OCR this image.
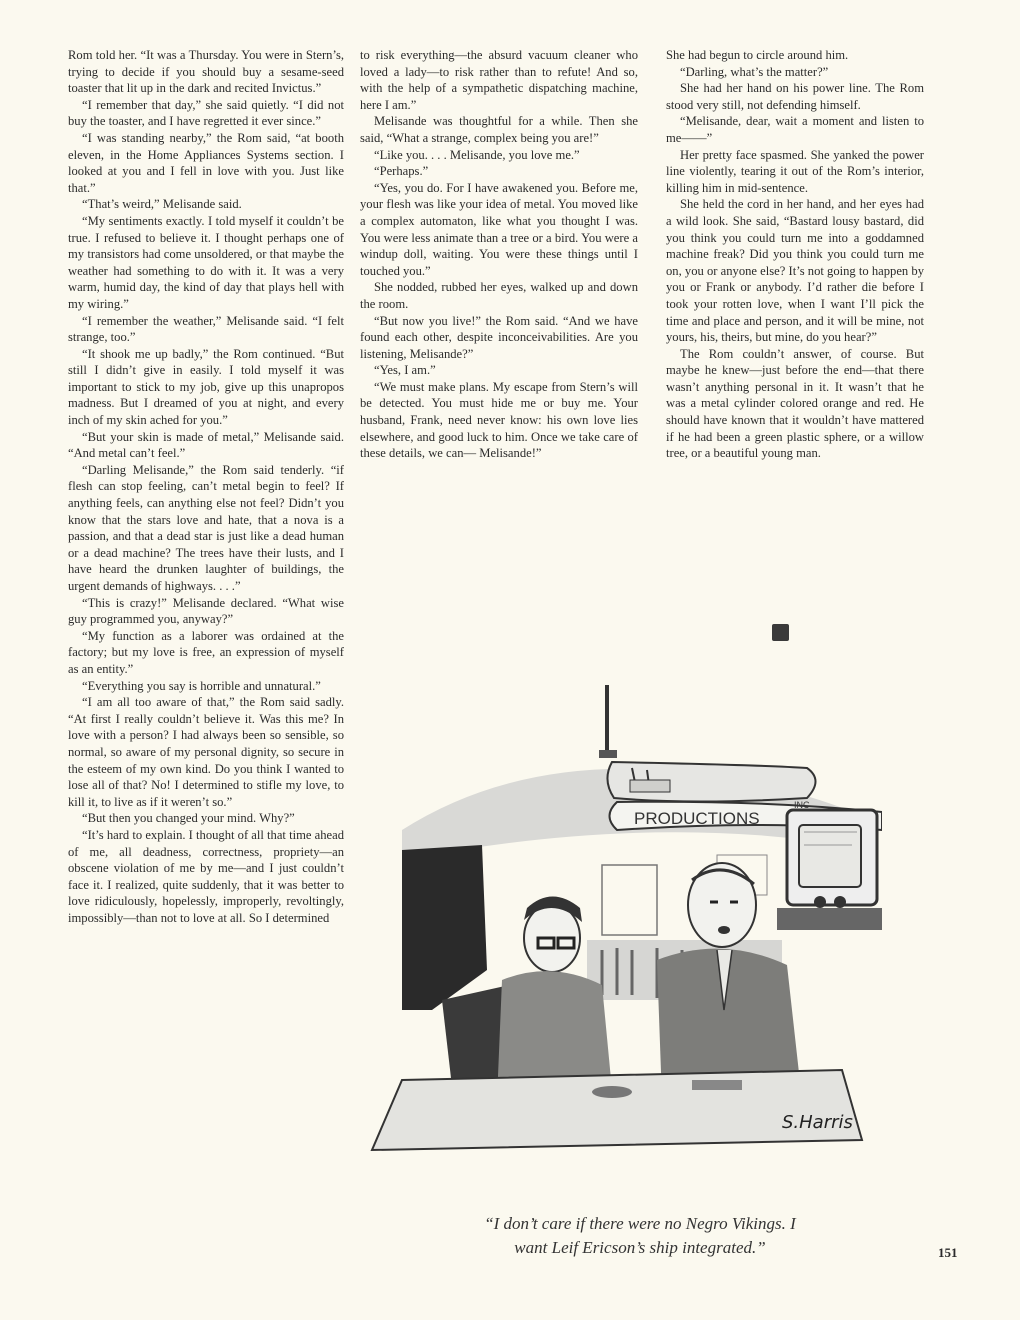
Rom told her. “It was a Thursday. You were in Stern’s, trying to decide if you should buy a sesame-seed toaster that lit up in the dark and recited Invictus.”

“I remember that day,” she said quietly. “I did not buy the toaster, and I have regretted it ever since.”

“I was standing nearby,” the Rom said, “at booth eleven, in the Home Appliances Systems section. I looked at you and I fell in love with you. Just like that.”

“That’s weird,” Melisande said.

“My sentiments exactly. I told myself it couldn’t be true. I refused to believe it. I thought perhaps one of my transistors had come unsoldered, or that maybe the weather had something to do with it. It was a very warm, humid day, the kind of day that plays hell with my wiring.”

“I remember the weather,” Melisande said. “I felt strange, too.”

“It shook me up badly,” the Rom continued. “But still I didn’t give in easily. I told myself it was important to stick to my job, give up this unapropos madness. But I dreamed of you at night, and every inch of my skin ached for you.”

“But your skin is made of metal,” Melisande said. “And metal can’t feel.”

“Darling Melisande,” the Rom said tenderly. “if flesh can stop feeling, can’t metal begin to feel? If anything feels, can anything else not feel? Didn’t you know that the stars love and hate, that a nova is a passion, and that a dead star is just like a dead human or a dead machine? The trees have their lusts, and I have heard the drunken laughter of buildings, the urgent demands of highways. . . .”

“This is crazy!” Melisande declared. “What wise guy programmed you, anyway?”

“My function as a laborer was ordained at the factory; but my love is free, an expression of myself as an entity.”

“Everything you say is horrible and unnatural.”

“I am all too aware of that,” the Rom said sadly. “At first I really couldn’t believe it. Was this me? In love with a person? I had always been so sensible, so normal, so aware of my personal dignity, so secure in the esteem of my own kind. Do you think I wanted to lose all of that? No! I determined to stifle my love, to kill it, to live as if it weren’t so.”

“But then you changed your mind. Why?”

“It’s hard to explain. I thought of all that time ahead of me, all deadness, correctness, propriety—an obscene violation of me by me—and I just couldn’t face it. I realized, quite suddenly, that it was better to love ridiculously, hopelessly, improperly, revoltingly, impossibly—than not to love at all. So I determined

to risk everything—the absurd vacuum cleaner who loved a lady—to risk rather than to refute! And so, with the help of a sympathetic dispatching machine, here I am.”

Melisande was thoughtful for a while. Then she said, “What a strange, complex being you are!”

“Like you. . . . Melisande, you love me.”

“Perhaps.”

“Yes, you do. For I have awakened you. Before me, your flesh was like your idea of metal. You moved like a complex automaton, like what you thought I was. You were less animate than a tree or a bird. You were a windup doll, waiting. You were these things until I touched you.”

She nodded, rubbed her eyes, walked up and down the room.

“But now you live!” the Rom said. “And we have found each other, despite inconceivabilities. Are you listening, Melisande?”

“Yes, I am.”

“We must make plans. My escape from Stern’s will be detected. You must hide me or buy me. Your husband, Frank, need never know: his own love lies elsewhere, and good luck to him. Once we take care of these details, we can— Melisande!”

She had begun to circle around him.

“Darling, what’s the matter?”

She had her hand on his power line. The Rom stood very still, not defending himself.

“Melisande, dear, wait a moment and listen to me——”

Her pretty face spasmed. She yanked the power line violently, tearing it out of the Rom’s interior, killing him in mid-sentence.

She held the cord in her hand, and her eyes had a wild look. She said, “Bastard lousy bastard, did you think you could turn me into a goddamned machine freak? Did you think you could turn me on, you or anyone else? It’s not going to happen by you or Frank or anybody. I’d rather die before I took your rotten love, when I want I’ll pick the time and place and person, and it will be mine, not yours, his, theirs, but mine, do you hear?”

The Rom couldn’t answer, of course. But maybe he knew—just before the end—that there wasn’t anything personal in it. It wasn’t that he was a metal cylinder colored orange and red. He should have known that it wouldn’t have mattered if he had been a green plastic sphere, or a willow tree, or a beautiful young man.

PRODUCTIONS
INC
S.Harris
“I don’t care if there were no Negro Vikings. I
want Leif Ericson’s ship integrated.”	151
